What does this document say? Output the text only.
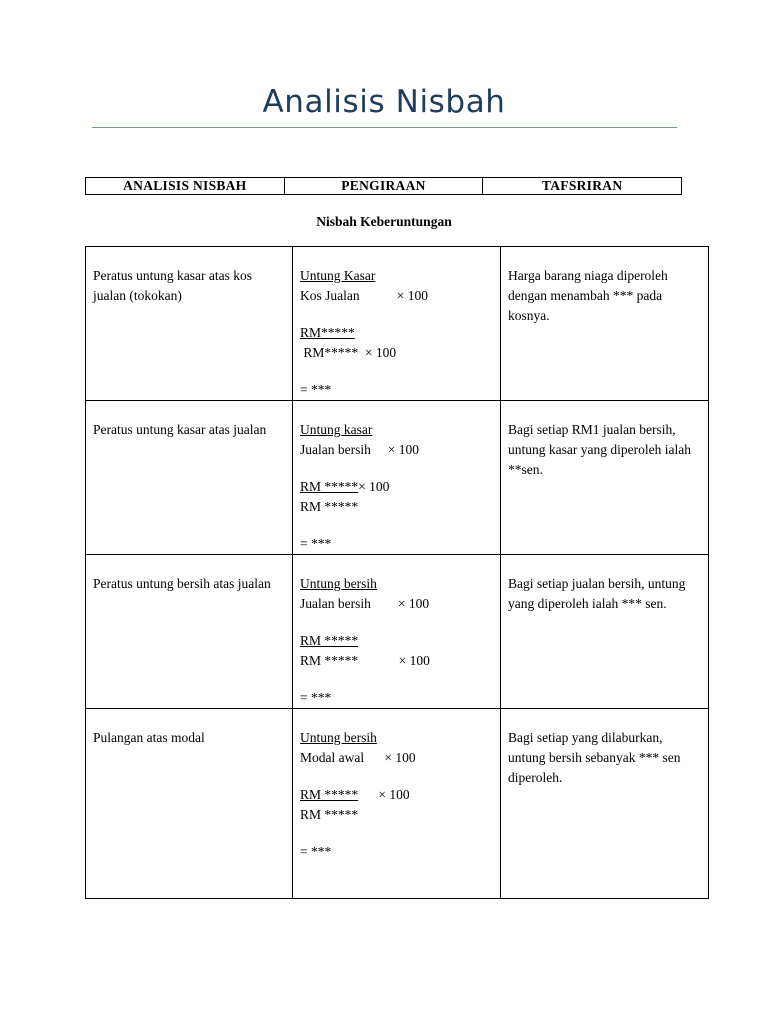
Analisis Nisbah
ANALISIS NISBAH	PENGIRAAN	TAFSRIRAN
Nisbah Keberuntungan
Peratus untung kasar atas kos jualan (tokokan)	Untung Kasar
Kos Jualan           × 100
RM*****
RM*****  × 100
= ***	Harga barang niaga diperoleh dengan menambah *** pada kosnya.
Peratus untung kasar atas jualan	Untung kasar
Jualan bersih     × 100
RM *****× 100
RM *****
= ***	Bagi setiap RM1 jualan bersih, untung kasar yang diperoleh ialah **sen.
Peratus untung bersih atas jualan	Untung bersih
Jualan bersih        × 100
RM *****
RM *****            × 100
= ***	Bagi setiap jualan bersih, untung yang diperoleh ialah *** sen.
Pulangan atas modal	Untung bersih
Modal awal      × 100
RM *****      × 100
RM *****
= ***	Bagi setiap yang dilaburkan, untung bersih sebanyak *** sen diperoleh.
